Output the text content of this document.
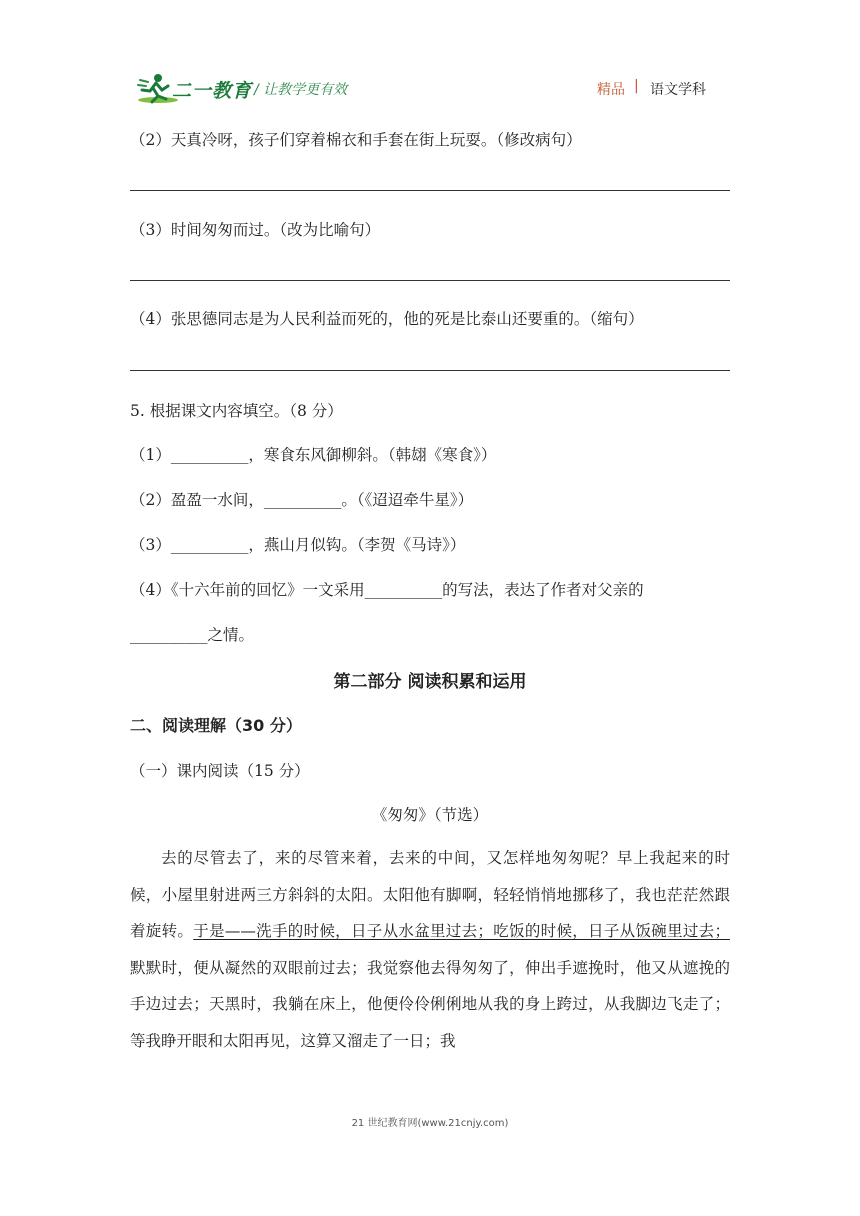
二一教育 / 让教学更有效	精品 | 语文学科
（2）天真冷呀，孩子们穿着棉衣和手套在街上玩耍。（修改病句）
（3）时间匆匆而过。（改为比喻句）
（4）张思德同志是为人民利益而死的，他的死是比泰山还要重的。（缩句）
5. 根据课文内容填空。（8 分）
（1）__________，寒食东风御柳斜。（韩翃《寒食》）
（2）盈盈一水间，__________。（《迢迢牵牛星》）
（3）__________，燕山月似钩。（李贺《马诗》）
（4）《十六年前的回忆》一文采用__________的写法，表达了作者对父亲的
__________之情。
第二部分 阅读积累和运用
二、阅读理解（30 分）
（一）课内阅读（15 分）
《匆匆》（节选）
去的尽管去了，来的尽管来着，去来的中间，又怎样地匆匆呢？早上我起来的时候，小屋里射进两三方斜斜的太阳。太阳他有脚啊，轻轻悄悄地挪移了，我也茫茫然跟着旋转。于是——洗手的时候，日子从水盆里过去；吃饭的时候，日子从饭碗里过去；默默时，便从凝然的双眼前过去；我觉察他去得匆匆了，伸出手遮挽时，他又从遮挽的手边过去；天黑时，我躺在床上，他便伶伶俐俐地从我的身上跨过，从我脚边飞走了；等我睁开眼和太阳再见，这算又溜走了一日；我
21 世纪教育网(www.21cnjy.com)
